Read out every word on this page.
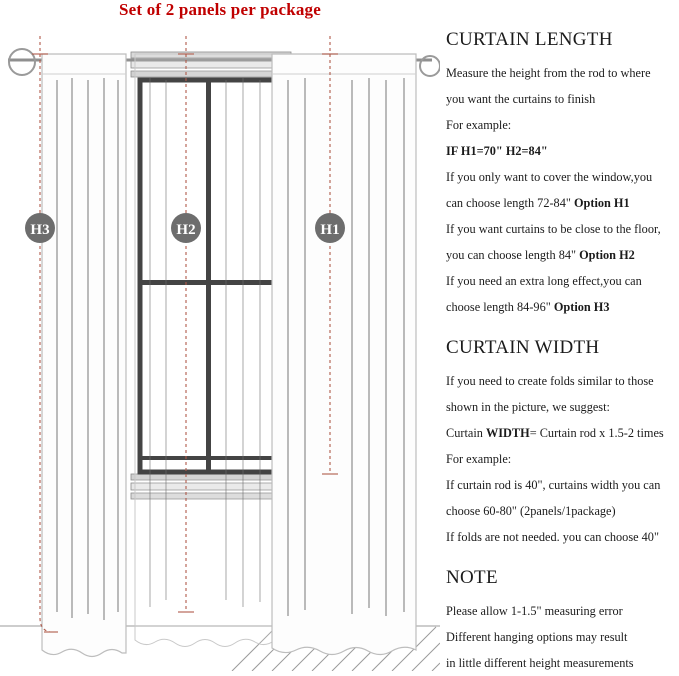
Set of 2 panels per package
H3	H2	H1
CURTAIN LENGTH
Measure the height from the rod to where
you want the curtains to finish
For example:
IF H1=70" H2=84"
If you only want to cover the window,you
can choose length 72-84" Option H1
If you want curtains to be close to the floor,
you can choose length 84" Option H2
If you need an extra long effect,you can
choose length 84-96" Option H3
CURTAIN WIDTH
If you need to create folds similar to those
shown in the picture, we suggest:
Curtain WIDTH= Curtain rod x 1.5-2 times
For example:
If curtain rod is 40", curtains width you can
choose 60-80" (2panels/1package)
If folds are not needed. you can choose 40"
NOTE
Please allow 1-1.5" measuring error
Different hanging options may result
in little different height measurements
